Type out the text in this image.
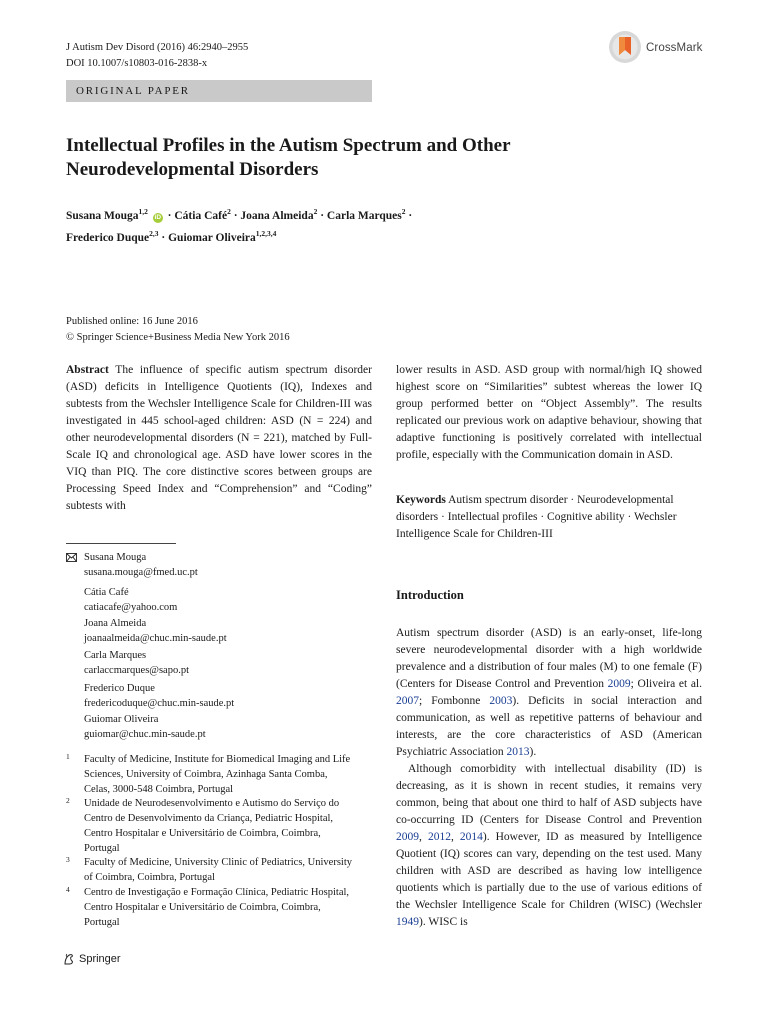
J Autism Dev Disord (2016) 46:2940–2955
DOI 10.1007/s10803-016-2838-x
CrossMark
ORIGINAL PAPER
Intellectual Profiles in the Autism Spectrum and Other
Neurodevelopmental Disorders
Susana Mouga$^{1,2}$ iD · Cátia Café$^2$ · Joana Almeida$^2$ · Carla Marques$^2$ ·
Frederico Duque$^{2,3}$ · Guiomar Oliveira$^{1,2,3,4}$
Published online: 16 June 2016
© Springer Science+Business Media New York 2016
Abstract The influence of specific autism spectrum disorder (ASD) deficits in Intelligence Quotients (IQ), Indexes and subtests from the Wechsler Intelligence Scale for Children-III was investigated in 445 school-aged children: ASD (N = 224) and other neurodevelopmental disorders (N = 221), matched by Full-Scale IQ and chronological age. ASD have lower scores in the VIQ than PIQ. The core distinctive scores between groups are Processing Speed Index and “Comprehension” and “Coding” subtests with
lower results in ASD. ASD group with normal/high IQ showed highest score on “Similarities” subtest whereas the lower IQ group performed better on “Object Assembly”. The results replicated our previous work on adaptive behaviour, showing that adaptive functioning is positively correlated with intellectual profile, especially with the Communication domain in ASD.
Keywords Autism spectrum disorder · Neurodevelopmental disorders · Intellectual profiles · Cognitive ability · Wechsler Intelligence Scale for Children-III
Susana Mouga
susana.mouga@fmed.uc.pt
Cátia Café
catiacafe@yahoo.com
Joana Almeida
joanaalmeida@chuc.min-saude.pt
Carla Marques
carlaccmarques@sapo.pt
Frederico Duque
fredericoduque@chuc.min-saude.pt
Guiomar Oliveira
guiomar@chuc.min-saude.pt
1 Faculty of Medicine, Institute for Biomedical Imaging and Life Sciences, University of Coimbra, Azinhaga Santa Comba, Celas, 3000-548 Coimbra, Portugal
2 Unidade de Neurodesenvolvimento e Autismo do Serviço do Centro de Desenvolvimento da Criança, Pediatric Hospital, Centro Hospitalar e Universitário de Coimbra, Coimbra, Portugal
3 Faculty of Medicine, University Clinic of Pediatrics, University of Coimbra, Coimbra, Portugal
4 Centro de Investigação e Formação Clínica, Pediatric Hospital, Centro Hospitalar e Universitário de Coimbra, Coimbra, Portugal
Springer
Introduction

Autism spectrum disorder (ASD) is an early-onset, life-long severe neurodevelopmental disorder with a high worldwide prevalence and a distribution of four males (M) to one female (F) (Centers for Disease Control and Prevention 2009; Oliveira et al. 2007; Fombonne 2003). Deficits in social interaction and communication, as well as repetitive patterns of behaviour and interests, are the core characteristics of ASD (American Psychiatric Association 2013).

Although comorbidity with intellectual disability (ID) is decreasing, as it is shown in recent studies, it remains very common, being that about one third to half of ASD subjects have co-occurring ID (Centers for Disease Control and Prevention 2009, 2012, 2014). However, ID as measured by Intelligence Quotient (IQ) scores can vary, depending on the test used. Many children with ASD are described as having low intelligence quotients which is partially due to the use of various editions of the Wechsler Intelligence Scale for Children (WISC) (Wechsler 1949). WISC is
